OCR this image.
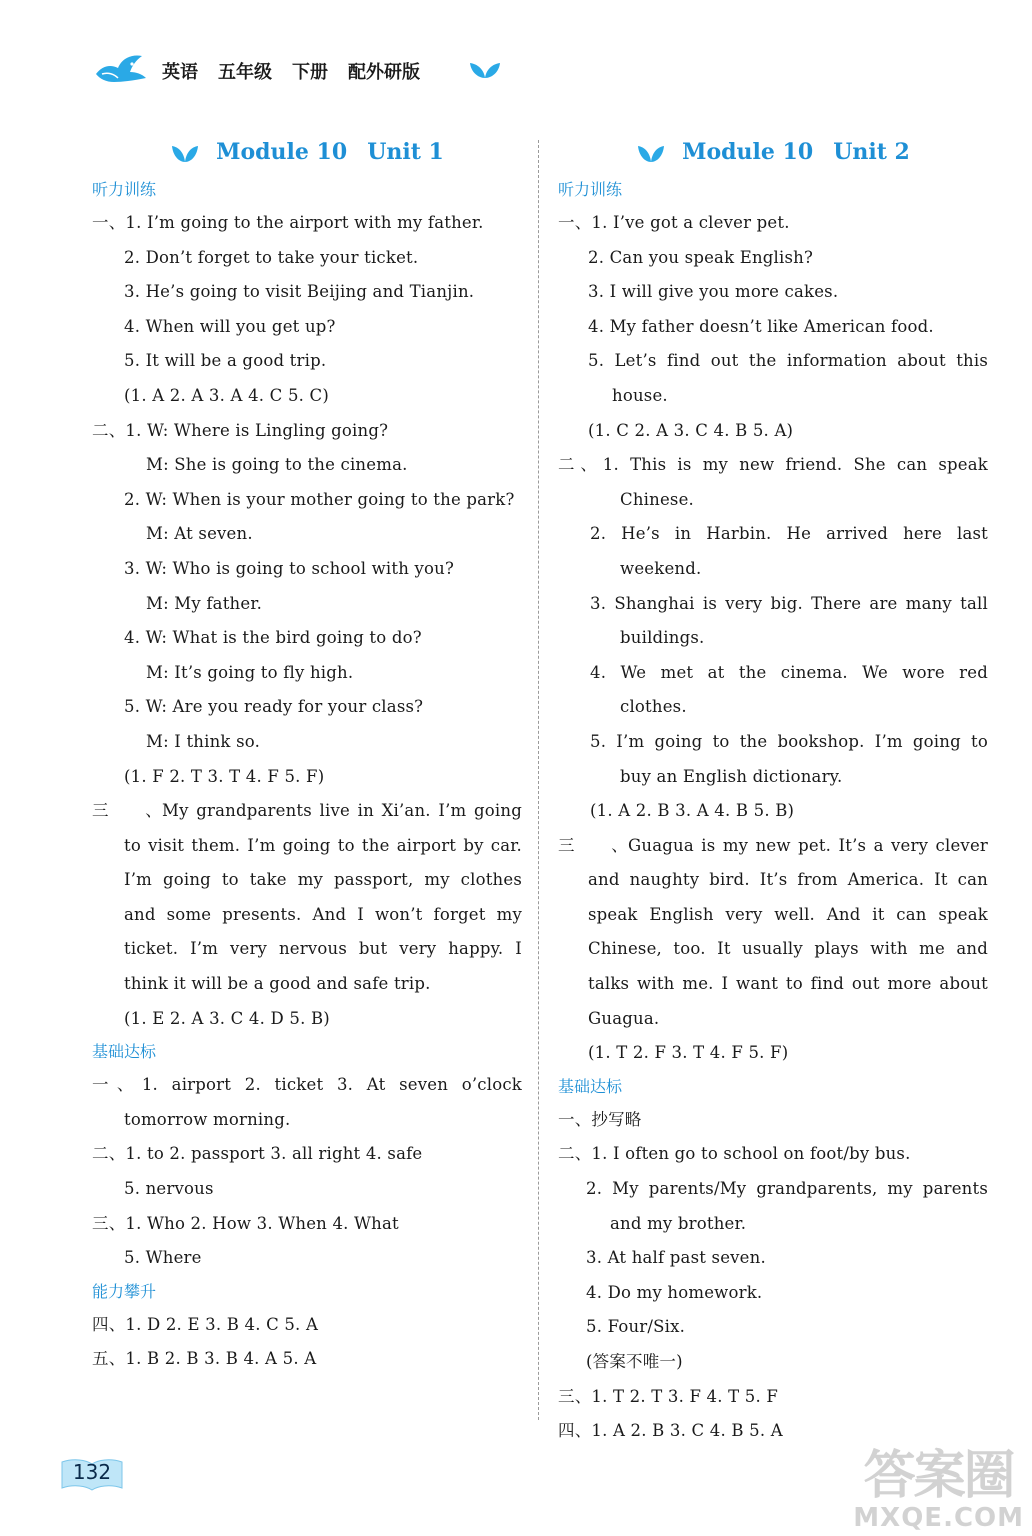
英语 五年级 下册 配外研版
Module 10 Unit 1
听力训练
一、1. I’m going to the airport with my father.
2. Don’t forget to take your ticket.
3. He’s going to visit Beijing and Tianjin.
4. When will you get up?
5. It will be a good trip.
(1. A 2. A 3. A 4. C 5. C)
二、1. W: Where is Lingling going?
M: She is going to the cinema.
2. W: When is your mother going to the park?
M: At seven.
3. W: Who is going to school with you?
M: My father.
4. W: What is the bird going to do?
M: It’s going to fly high.
5. W: Are you ready for your class?
M: I think so.
(1. F 2. T 3. T 4. F 5. F)
三、My grandparents live in Xi’an. I’m going
to visit them. I’m going to the airport by car.
I’m going to take my passport, my clothes
and some presents. And I won’t forget my
ticket. I’m very nervous but very happy. I
think it will be a good and safe trip.
(1. E 2. A 3. C 4. D 5. B)
基础达标
一、1. airport 2. ticket 3. At seven o’clock
tomorrow morning.
二、1. to 2. passport 3. all right 4. safe
5. nervous
三、1. Who 2. How 3. When 4. What
5. Where
能力攀升
四、1. D 2. E 3. B 4. C 5. A
五、1. B 2. B 3. B 4. A 5. A
Module 10 Unit 2
听力训练
一、1. I’ve got a clever pet.
2. Can you speak English?
3. I will give you more cakes.
4. My father doesn’t like American food.
5. Let’s find out the information about this
house.
(1. C 2. A 3. C 4. B 5. A)
二、1. This is my new friend. She can speak
Chinese.
2. He’s in Harbin. He arrived here last
weekend.
3. Shanghai is very big. There are many tall
buildings.
4. We met at the cinema. We wore red
clothes.
5. I’m going to the bookshop. I’m going to
buy an English dictionary.
(1. A 2. B 3. A 4. B 5. B)
三、Guagua is my new pet. It’s a very clever
and naughty bird. It’s from America. It can
speak English very well. And it can speak
Chinese, too. It usually plays with me and
talks with me. I want to find out more about
Guagua.
(1. T 2. F 3. T 4. F 5. F)
基础达标
一、抄写略
二、1. I often go to school on foot/by bus.
2. My parents/My grandparents, my parents
and my brother.
3. At half past seven.
4. Do my homework.
5. Four/Six.
(答案不唯一)
三、1. T 2. T 3. F 4. T 5. F
四、1. A 2. B 3. C 4. B 5. A
132	答案圈
MXQE.COM
